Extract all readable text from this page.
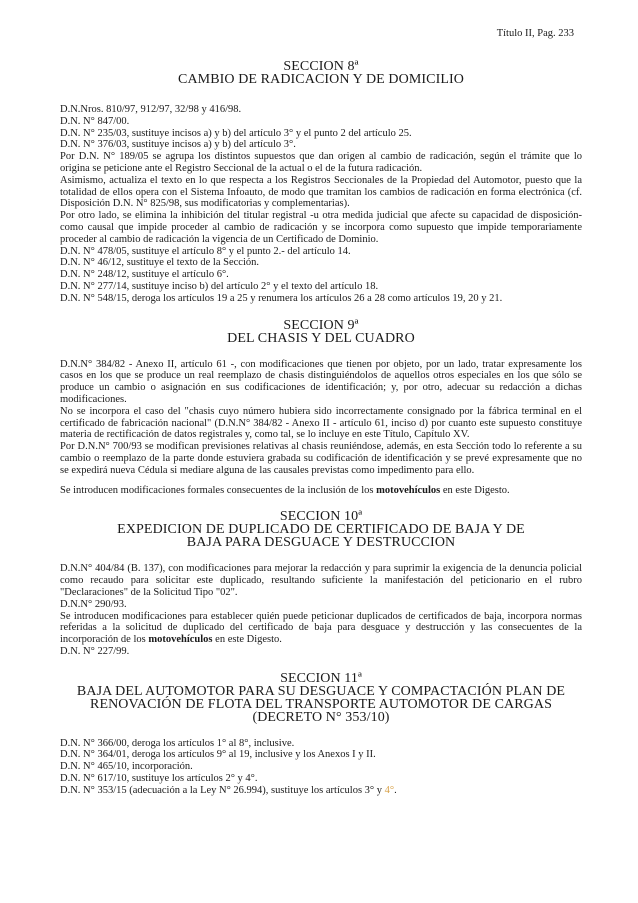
Título II, Pag. 233
SECCION 8ª
CAMBIO DE RADICACION Y DE DOMICILIO

D.N.Nros. 810/97, 912/97, 32/98 y 416/98.

D.N. N° 847/00.

D.N. N° 235/03, sustituye incisos a) y b) del artículo 3° y el punto 2 del artículo 25.

D.N. N° 376/03, sustituye incisos a) y b) del artículo 3°.

Por D.N. N° 189/05 se agrupa los distintos supuestos que dan origen al cambio de radicación, según el trámite que lo origina se peticione ante el Registro Seccional de la actual o el de la futura radicación.

Asimismo, actualiza el texto en lo que respecta a los Registros Seccionales de la Propiedad del Automotor, puesto que la totalidad de ellos opera con el Sistema Infoauto, de modo que tramitan los cambios de radicación en forma electrónica (cf. Disposición D.N. N° 825/98, sus modificatorias y complementarias).

Por otro lado, se elimina la inhibición del titular registral -u otra medida judicial que afecte su capacidad de disposición- como causal que impide proceder al cambio de radicación y se incorpora como supuesto que impide temporariamente proceder al cambio de radicación la vigencia de un Certificado de Dominio.

D.N. N° 478/05, sustituye el artículo 8° y el punto 2.- del artículo 14.

D.N. N° 46/12, sustituye el texto de la Sección.

D.N. N° 248/12, sustituye el artículo 6°.

D.N. N° 277/14, sustituye inciso b) del artículo 2° y el texto del artículo 18.

D.N. N° 548/15, deroga los artículos 19 a 25 y renumera los artículos 26 a 28 como artículos 19, 20 y 21.

SECCION 9ª
DEL CHASIS Y DEL CUADRO

D.N.N° 384/82 - Anexo II, artículo 61 -, con modificaciones que tienen por objeto, por un lado, tratar expresamente los casos en los que se produce un real reemplazo de chasis distinguiéndolos de aquellos otros especiales en los que sólo se produce un cambio o asignación en sus codificaciones de identificación; y, por otro, adecuar su redacción a dichas modificaciones.

No se incorpora el caso del "chasis cuyo número hubiera sido incorrectamente consignado por la fábrica terminal en el certificado de fabricación nacional" (D.N.N° 384/82 - Anexo II - artículo 61, inciso d) por cuanto este supuesto constituye materia de rectificación de datos registrales y, como tal, se lo incluye en este Título, Capítulo XV.

Por D.N.N° 700/93 se modifican previsiones relativas al chasis reuniéndose, además, en esta Sección todo lo referente a su cambio o reemplazo de la parte donde estuviera grabada su codificación de identificación y se prevé expresamente que no se expedirá nueva Cédula si mediare alguna de las causales previstas como impedimento para ello.

Se introducen modificaciones formales consecuentes de la inclusión de los motovehículos en este Digesto.

SECCION 10ª
EXPEDICION DE DUPLICADO DE CERTIFICADO DE BAJA Y DE
BAJA PARA DESGUACE Y DESTRUCCION

D.N.N° 404/84 (B. 137), con modificaciones para mejorar la redacción y para suprimir la exigencia de la denuncia policial como recaudo para solicitar este duplicado, resultando suficiente la manifestación del peticionario en el rubro "Declaraciones" de la Solicitud Tipo "02".

D.N.N° 290/93.

Se introducen modificaciones para establecer quién puede peticionar duplicados de certificados de baja, incorpora normas referidas a la solicitud de duplicado del certificado de baja para desguace y destrucción y las consecuentes de la incorporación de los motovehículos en este Digesto.

D.N. N° 227/99.

SECCION 11ª
BAJA DEL AUTOMOTOR PARA SU DESGUACE Y COMPACTACIÓN PLAN DE
RENOVACIÓN DE FLOTA DEL TRANSPORTE AUTOMOTOR DE CARGAS
(DECRETO N° 353/10)

D.N. N° 366/00, deroga los artículos 1° al 8°, inclusive.

D.N. N° 364/01, deroga los artículos 9° al 19, inclusive y los Anexos I y II.

D.N. N° 465/10, incorporación.

D.N. N° 617/10, sustituye los artículos 2° y 4°.

D.N. N° 353/15 (adecuación a la Ley N° 26.994), sustituye los artículos 3° y 4°.
